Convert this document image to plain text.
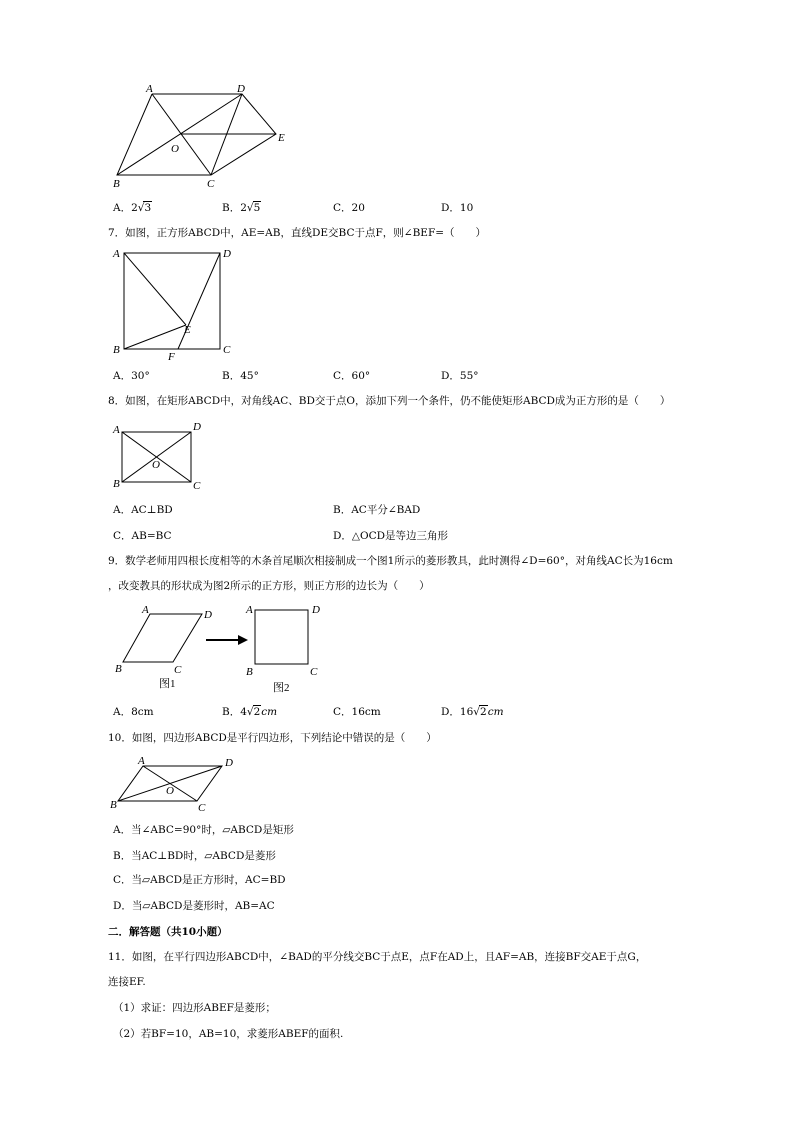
A	D
O
E
B	C
A．2√3	B．2√5	C．20	D．10
7．如图，正方形ABCD中，AE=AB，直线DE交BC于点F，则∠BEF=（　　）
A	D
E
B
F
C
A．30°	B．45°	C．60°	D．55°
8．如图，在矩形ABCD中，对角线AC、BD交于点O，添加下列一个条件，仍不能使矩形ABCD成为正方形的是（　　）
A	D
O
B	C
A．AC⊥BD	B．AC平分∠BAD
C．AB=BC	D．△OCD是等边三角形
9．数学老师用四根长度相等的木条首尾顺次相接制成一个图1所示的菱形教具，此时测得∠D=60°，对角线AC长为16cm
，改变教具的形状成为图2所示的正方形，则正方形的边长为（　　）
A	D
B	C
图1
A	D
B	C
图2
A．8cm	B．4√2cm	C．16cm	D．16√2cm
10．如图，四边形ABCD是平行四边形，下列结论中错误的是（　　）
A	D
O
B	C
A．当∠ABC=90°时，▱ABCD是矩形
B．当AC⊥BD时，▱ABCD是菱形
C．当▱ABCD是正方形时，AC=BD
D．当▱ABCD是菱形时，AB=AC
二．解答题（共10小题）
11．如图，在平行四边形ABCD中，∠BAD的平分线交BC于点E，点F在AD上，且AF=AB，连接BF交AE于点G，
连接EF.
（1）求证：四边形ABEF是菱形；
（2）若BF=10，AB=10，求菱形ABEF的面积.
